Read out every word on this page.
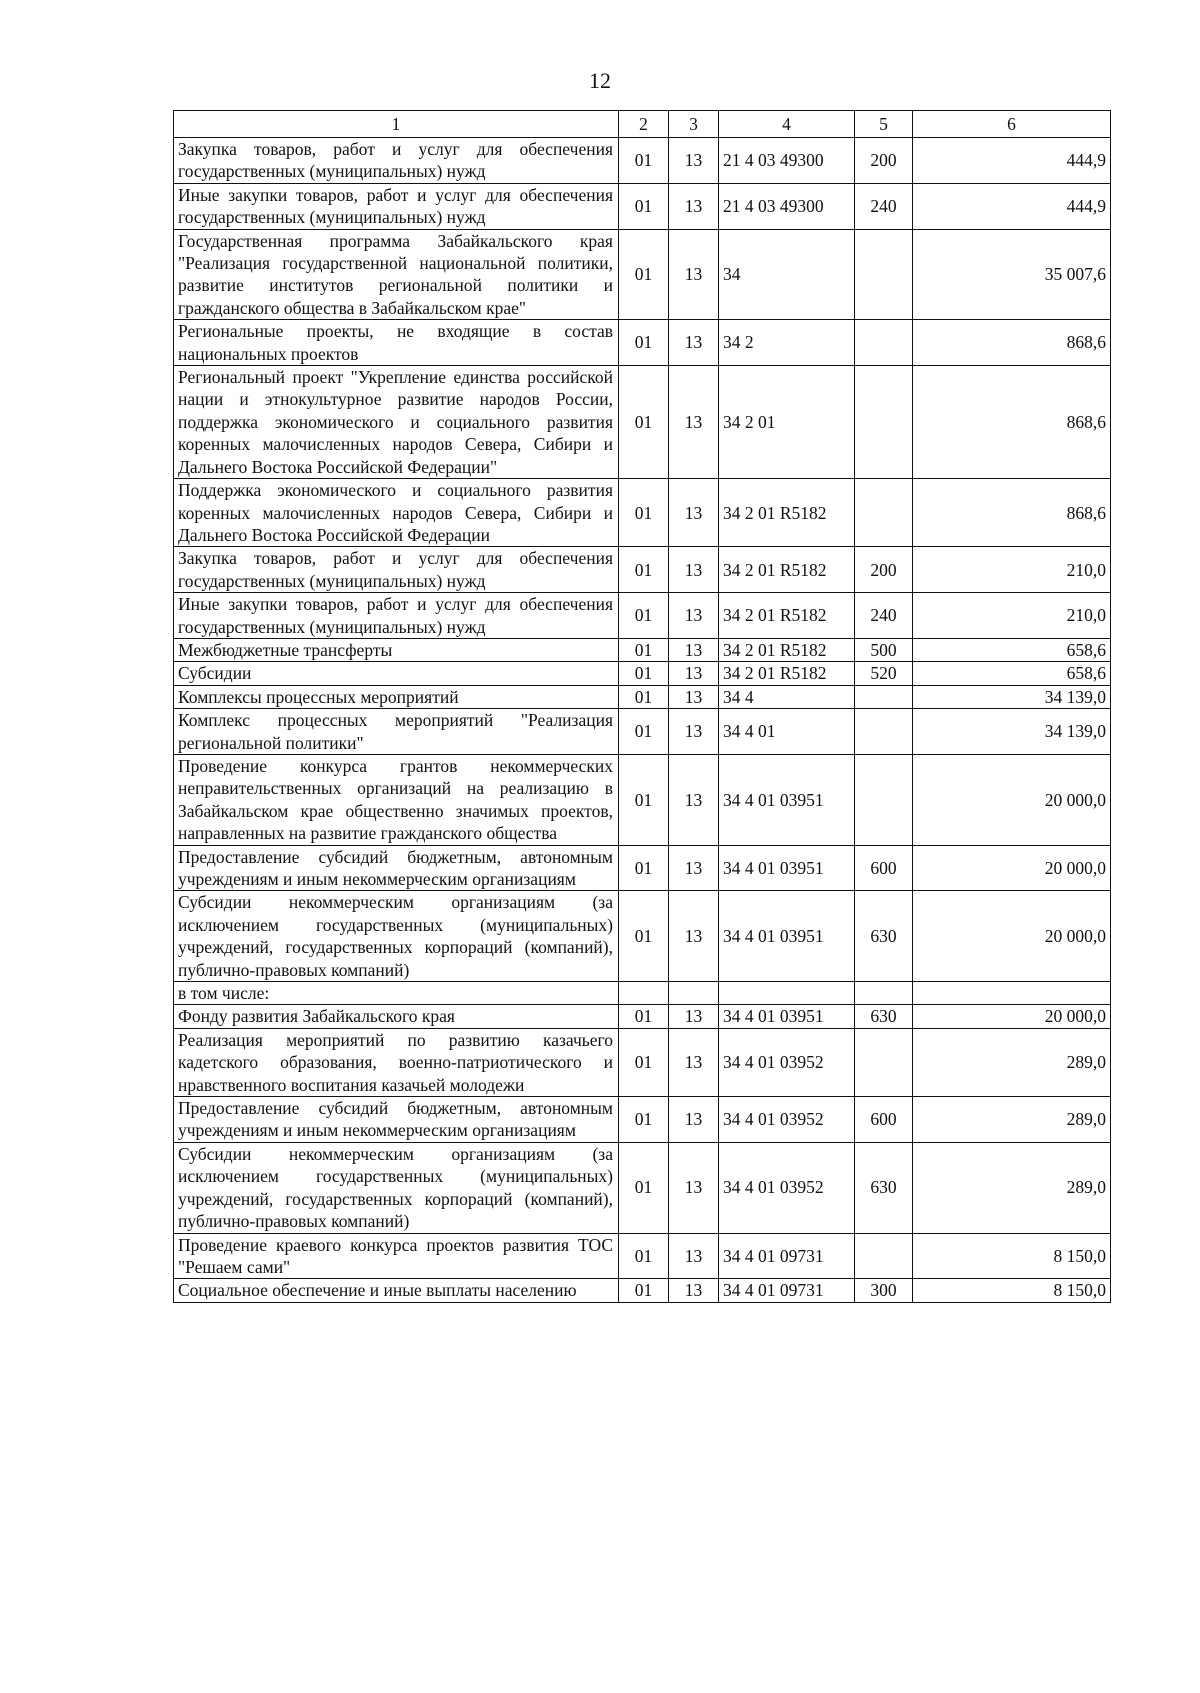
12
1	2	3	4	5	6
Закупка товаров, работ и услуг для обеспечения государственных (муниципальных) нужд	01	13	21 4 03 49300	200	444,9
Иные закупки товаров, работ и услуг для обеспечения государственных (муниципальных) нужд	01	13	21 4 03 49300	240	444,9
Государственная программа Забайкальского края "Реализация государственной национальной политики, развитие институтов региональной политики и гражданского общества в Забайкальском крае"	01	13	34		35 007,6
Региональные проекты, не входящие в состав национальных проектов	01	13	34 2		868,6
Региональный проект "Укрепление единства российской нации и этнокультурное развитие народов России, поддержка экономического и социального развития коренных малочисленных народов Севера, Сибири и Дальнего Востока Российской Федерации"	01	13	34 2 01		868,6
Поддержка экономического и социального развития коренных малочисленных народов Севера, Сибири и Дальнего Востока Российской Федерации	01	13	34 2 01 R5182		868,6
Закупка товаров, работ и услуг для обеспечения государственных (муниципальных) нужд	01	13	34 2 01 R5182	200	210,0
Иные закупки товаров, работ и услуг для обеспечения государственных (муниципальных) нужд	01	13	34 2 01 R5182	240	210,0
Межбюджетные трансферты	01	13	34 2 01 R5182	500	658,6
Субсидии	01	13	34 2 01 R5182	520	658,6
Комплексы процессных мероприятий	01	13	34 4		34 139,0
Комплекс процессных мероприятий "Реализация региональной политики"	01	13	34 4 01		34 139,0
Проведение конкурса грантов некоммерческих неправительственных организаций на реализацию в Забайкальском крае общественно значимых проектов, направленных на развитие гражданского общества	01	13	34 4 01 03951		20 000,0
Предоставление субсидий бюджетным, автономным учреждениям и иным некоммерческим организациям	01	13	34 4 01 03951	600	20 000,0
Субсидии некоммерческим организациям (за исключением государственных (муниципальных) учреждений, государственных корпораций (компаний), публично-правовых компаний)	01	13	34 4 01 03951	630	20 000,0
в том числе:					
Фонду развития Забайкальского края	01	13	34 4 01 03951	630	20 000,0
Реализация мероприятий по развитию казачьего кадетского образования, военно-патриотического и нравственного воспитания казачьей молодежи	01	13	34 4 01 03952		289,0
Предоставление субсидий бюджетным, автономным учреждениям и иным некоммерческим организациям	01	13	34 4 01 03952	600	289,0
Субсидии некоммерческим организациям (за исключением государственных (муниципальных) учреждений, государственных корпораций (компаний), публично-правовых компаний)	01	13	34 4 01 03952	630	289,0
Проведение краевого конкурса проектов развития ТОС "Решаем сами"	01	13	34 4 01 09731		8 150,0
Социальное обеспечение и иные выплаты населению	01	13	34 4 01 09731	300	8 150,0
